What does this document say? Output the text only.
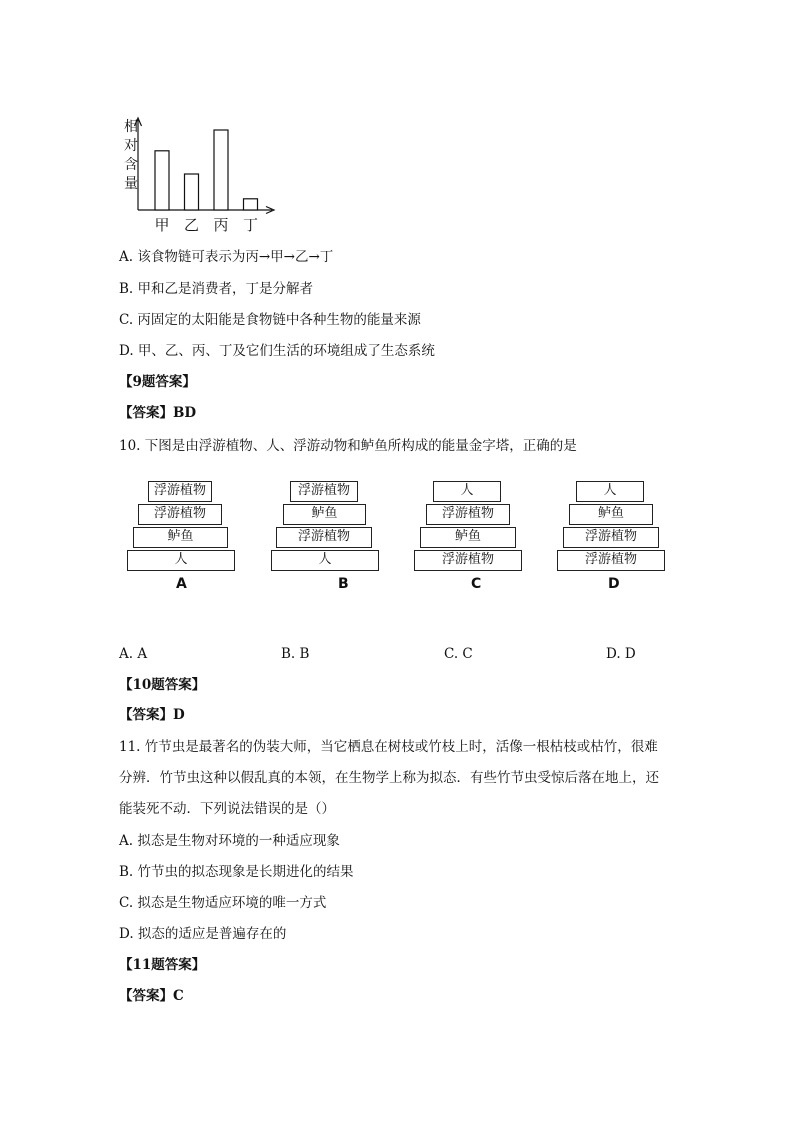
相
对
含
量
甲 乙 丙 丁
A. 该食物链可表示为丙→甲→乙→丁
B. 甲和乙是消费者，丁是分解者
C. 丙固定的太阳能是食物链中各种生物的能量来源
D. 甲、乙、丙、丁及它们生活的环境组成了生态系统
【9题答案】
【答案】BD
10. 下图是由浮游植物、人、浮游动物和鲈鱼所构成的能量金字塔，正确的是
浮游植物
浮游植物
鲈鱼
人
A
浮游植物
鲈鱼
浮游植物
人
B
人
浮游植物
鲈鱼
浮游植物
C
人
鲈鱼
浮游植物
浮游植物
D
A. A	B. B	C. C	D. D
【10题答案】
【答案】D
11. 竹节虫是最著名的伪装大师，当它栖息在树枝或竹枝上时，活像一根枯枝或枯竹，很难
分辨．竹节虫这种以假乱真的本领，在生物学上称为拟态．有些竹节虫受惊后落在地上，还
能装死不动．下列说法错误的是（）
A. 拟态是生物对环境的一种适应现象
B. 竹节虫的拟态现象是长期进化的结果
C. 拟态是生物适应环境的唯一方式
D. 拟态的适应是普遍存在的
【11题答案】
【答案】C
